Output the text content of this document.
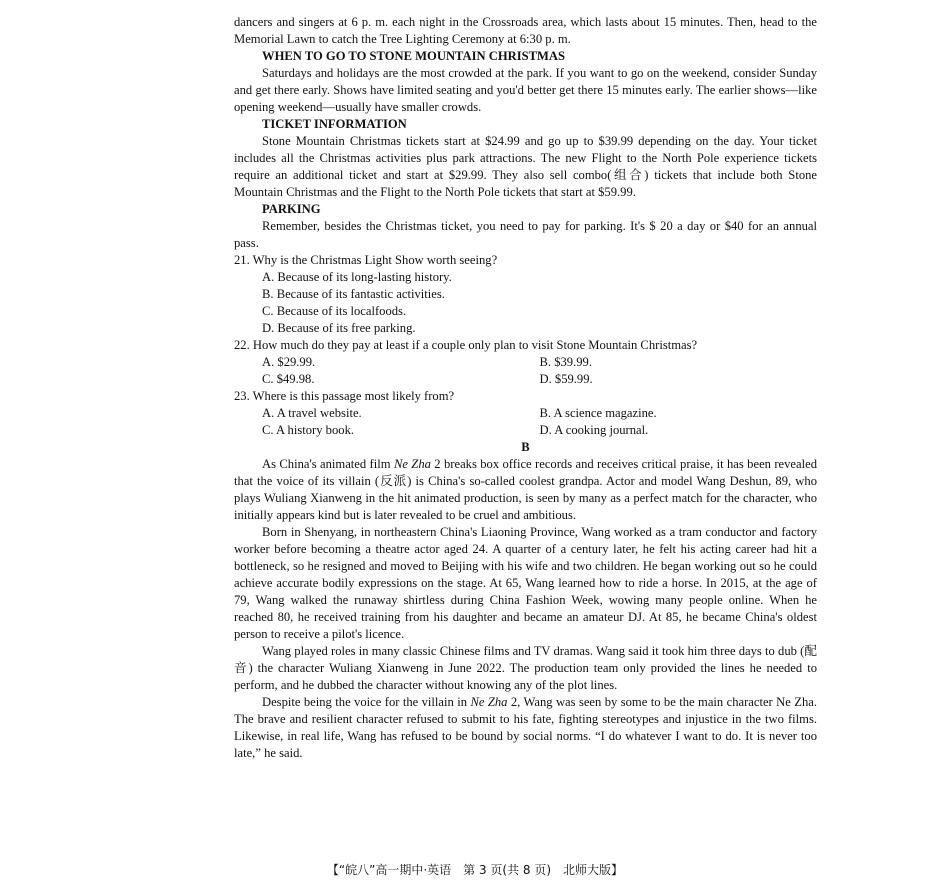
dancers and singers at 6 p. m. each night in the Crossroads area, which lasts about 15 minutes. Then, head to the Memorial Lawn to catch the Tree Lighting Ceremony at 6:30 p. m.

WHEN TO GO TO STONE MOUNTAIN CHRISTMAS

Saturdays and holidays are the most crowded at the park. If you want to go on the weekend, consider Sunday and get there early. Shows have limited seating and you'd better get there 15 minutes early. The earlier shows—like opening weekend—usually have smaller crowds.

TICKET INFORMATION

Stone Mountain Christmas tickets start at $24.99 and go up to $39.99 depending on the day. Your ticket includes all the Christmas activities plus park attractions. The new Flight to the North Pole experience tickets require an additional ticket and start at $29.99. They also sell combo(组合) tickets that include both Stone Mountain Christmas and the Flight to the North Pole tickets that start at $59.99.

PARKING

Remember, besides the Christmas ticket, you need to pay for parking. It's $ 20 a day or $40 for an annual pass.

21. Why is the Christmas Light Show worth seeing?

A. Because of its long-lasting history.

B. Because of its fantastic activities.

C. Because of its localfoods.

D. Because of its free parking.

22. How much do they pay at least if a couple only plan to visit Stone Mountain Christmas?

A. $29.99.	B. $39.99.
C. $49.98.	D. $59.99.

23. Where is this passage most likely from?

A. A travel website.	B. A science magazine.
C. A history book.	D. A cooking journal.

B

As China's animated film Ne Zha 2 breaks box office records and receives critical praise, it has been revealed that the voice of its villain (反派) is China's so-called coolest grandpa. Actor and model Wang Deshun, 89, who plays Wuliang Xianweng in the hit animated production, is seen by many as a perfect match for the character, who initially appears kind but is later revealed to be cruel and ambitious.

Born in Shenyang, in northeastern China's Liaoning Province, Wang worked as a tram conductor and factory worker before becoming a theatre actor aged 24. A quarter of a century later, he felt his acting career had hit a bottleneck, so he resigned and moved to Beijing with his wife and two children. He began working out so he could achieve accurate bodily expressions on the stage. At 65, Wang learned how to ride a horse. In 2015, at the age of 79, Wang walked the runaway shirtless during China Fashion Week, wowing many people online. When he reached 80, he received training from his daughter and became an amateur DJ. At 85, he became China's oldest person to receive a pilot's licence.

Wang played roles in many classic Chinese films and TV dramas. Wang said it took him three days to dub (配音) the character Wuliang Xianweng in June 2022. The production team only provided the lines he needed to perform, and he dubbed the character without knowing any of the plot lines.

Despite being the voice for the villain in Ne Zha 2, Wang was seen by some to be the main character Ne Zha. The brave and resilient character refused to submit to his fate, fighting stereotypes and injustice in the two films. Likewise, in real life, Wang has refused to be bound by social norms. “I do whatever I want to do. It is never too late,” he said.

【“皖八”高一期中·英语　第 3 页(共 8 页)　北师大版】
